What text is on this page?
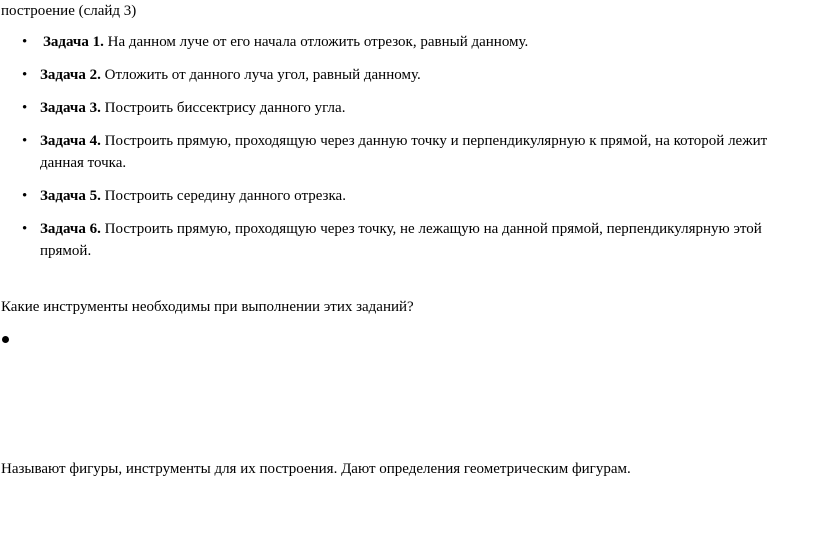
построение (слайд 3)

• Задача 1. На данном луче от его начала отложить отрезок, равный данному.
• Задача 2. Отложить от данного луча угол, равный данному.
• Задача 3. Построить биссектрису данного угла.
• Задача 4. Построить прямую, проходящую через данную точку и перпендикулярную к прямой, на которой лежит данная точка.
• Задача 5. Построить середину данного отрезка.
• Задача 6. Построить прямую, проходящую через точку, не лежащую на данной прямой, перпендикулярную этой прямой.

Какие инструменты необходимы при выполнении этих заданий?

Называют фигуры, инструменты для их построения. Дают определения геометрическим фигурам.
